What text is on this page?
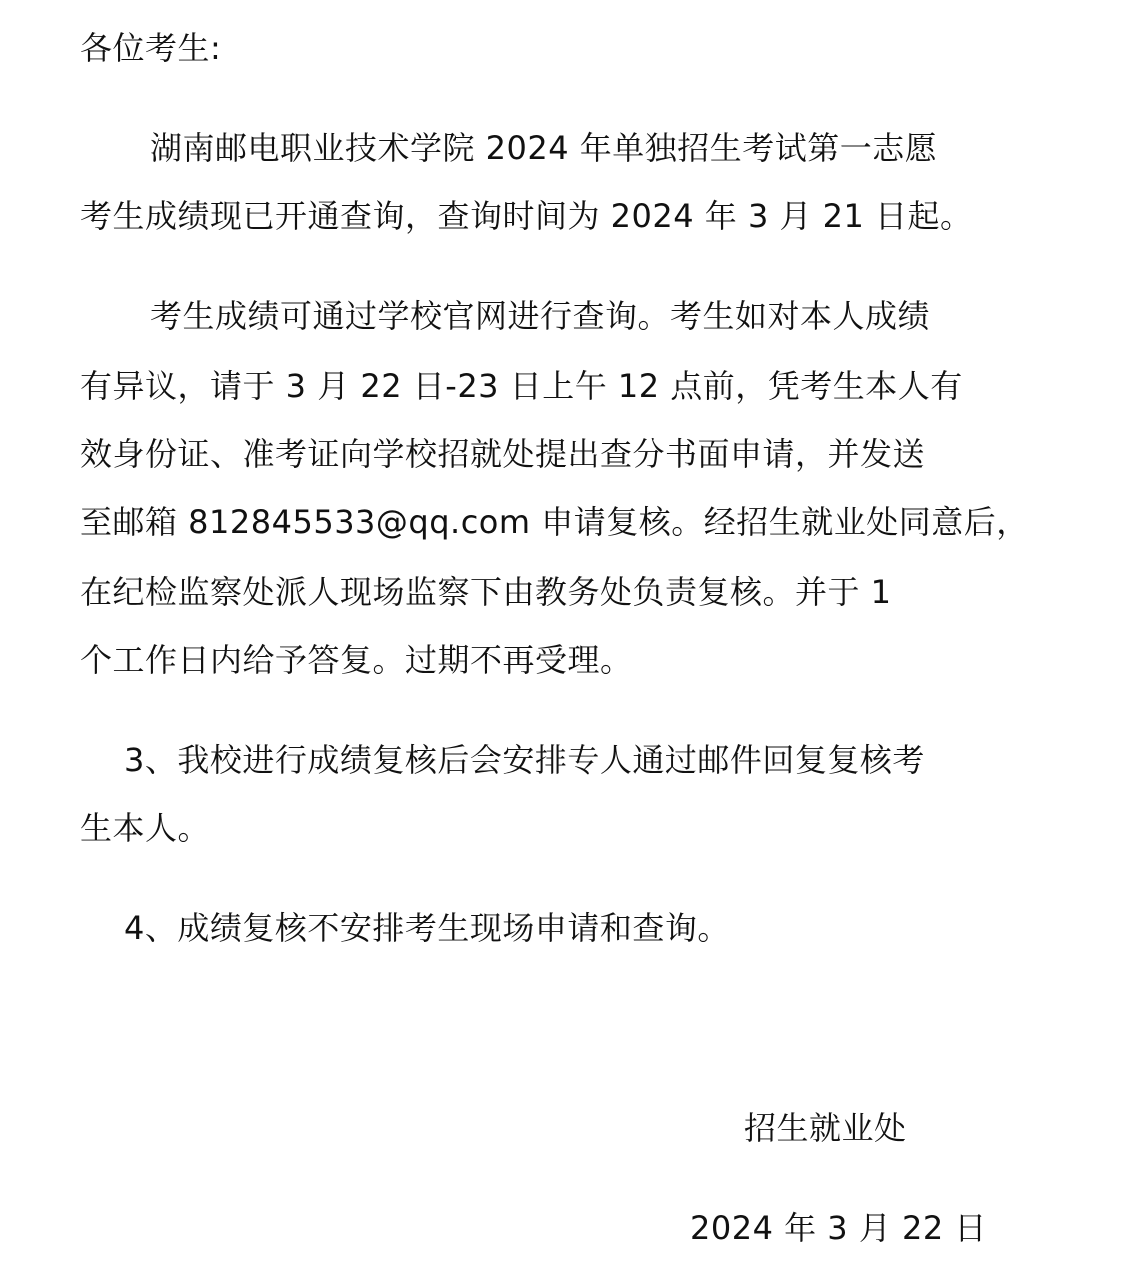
各位考生:
湖南邮电职业技术学院 2024 年单独招生考试第一志愿
考生成绩现已开通查询，查询时间为 2024 年 3 月 21 日起。
考生成绩可通过学校官网进行查询。考生如对本人成绩
有异议，请于 3 月 22 日-23 日上午 12 点前，凭考生本人有
效身份证、准考证向学校招就处提出查分书面申请，并发送
至邮箱 812845533@qq.com 申请复核。经招生就业处同意后，
在纪检监察处派人现场监察下由教务处负责复核。并于 1
个工作日内给予答复。过期不再受理。
3、我校进行成绩复核后会安排专人通过邮件回复复核考
生本人。
4、成绩复核不安排考生现场申请和查询。
招生就业处
2024 年 3 月 22 日
